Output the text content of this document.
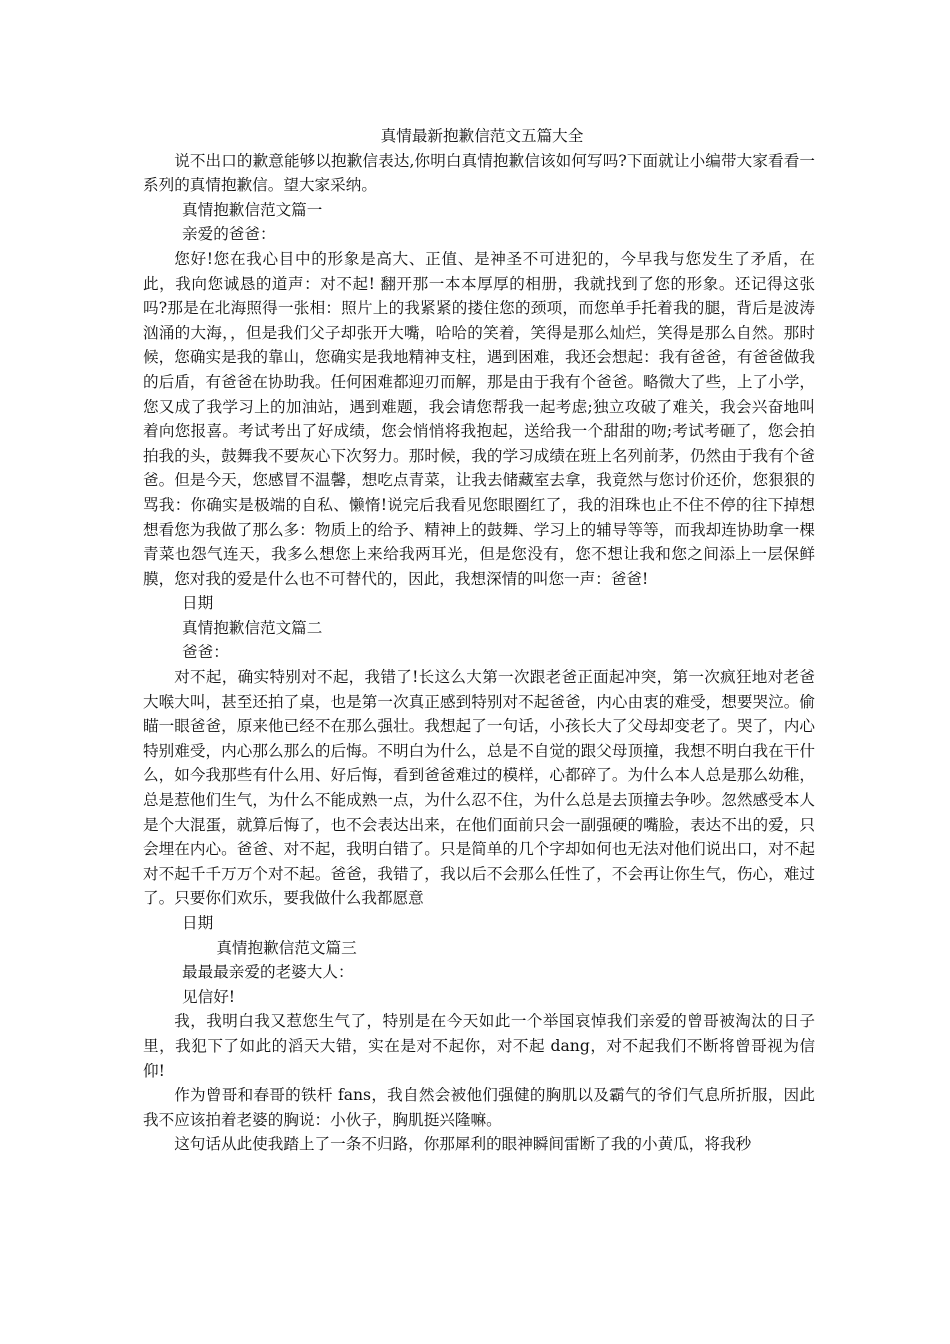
真情最新抱歉信范文五篇大全

说不出口的歉意能够以抱歉信表达,你明白真情抱歉信该如何写吗?下面就让小编带大家看看一系列的真情抱歉信。望大家采纳。

真情抱歉信范文篇一

亲爱的爸爸：

您好!您在我心目中的形象是高大、正值、是神圣不可进犯的，今早我与您发生了矛盾，在此，我向您诚恳的道声：对不起! 翻开那一本本厚厚的相册，我就找到了您的形象。还记得这张吗?那是在北海照得一张相：照片上的我紧紧的搂住您的颈项，而您单手托着我的腿，背后是波涛汹涌的大海，，但是我们父子却张开大嘴，哈哈的笑着，笑得是那么灿烂，笑得是那么自然。那时候，您确实是我的靠山，您确实是我地精神支柱，遇到困难，我还会想起：我有爸爸，有爸爸做我的后盾，有爸爸在协助我。任何困难都迎刃而解，那是由于我有个爸爸。略微大了些，上了小学，您又成了我学习上的加油站，遇到难题，我会请您帮我一起考虑;独立攻破了难关，我会兴奋地叫着向您报喜。考试考出了好成绩，您会悄悄将我抱起，送给我一个甜甜的吻;考试考砸了，您会拍拍我的头，鼓舞我不要灰心下次努力。那时候，我的学习成绩在班上名列前茅，仍然由于我有个爸爸。但是今天，您感冒不温馨，想吃点青菜，让我去储藏室去拿，我竟然与您讨价还价，您狠狠的骂我：你确实是极端的自私、懒惰!说完后我看见您眼圈红了，我的泪珠也止不住不停的往下掉想想看您为我做了那么多：物质上的给予、精神上的鼓舞、学习上的辅导等等，而我却连协助拿一棵青菜也怨气连天，我多么想您上来给我两耳光，但是您没有，您不想让我和您之间添上一层保鲜膜，您对我的爱是什么也不可替代的，因此，我想深情的叫您一声：爸爸!

日期

真情抱歉信范文篇二

爸爸：

对不起，确实特别对不起，我错了!长这么大第一次跟老爸正面起冲突，第一次疯狂地对老爸大喉大叫，甚至还拍了桌，也是第一次真正感到特别对不起爸爸，内心由衷的难受，想要哭泣。偷瞄一眼爸爸，原来他已经不在那么强壮。我想起了一句话，小孩长大了父母却变老了。哭了，内心特别难受，内心那么那么的后悔。不明白为什么，总是不自觉的跟父母顶撞，我想不明白我在干什么，如今我那些有什么用、好后悔，看到爸爸难过的模样，心都碎了。为什么本人总是那么幼稚，总是惹他们生气，为什么不能成熟一点，为什么忍不住，为什么总是去顶撞去争吵。忽然感受本人是个大混蛋，就算后悔了，也不会表达出来，在他们面前只会一副强硬的嘴脸，表达不出的爱，只会埋在内心。爸爸、对不起，我明白错了。只是简单的几个字却如何也无法对他们说出口，对不起对不起千千万万个对不起。爸爸，我错了，我以后不会那么任性了，不会再让你生气，伤心，难过了。只要你们欢乐，要我做什么我都愿意

日期

真情抱歉信范文篇三

最最最亲爱的老婆大人：

见信好!

我，我明白我又惹您生气了，特别是在今天如此一个举国哀悼我们亲爱的曾哥被淘汰的日子里，我犯下了如此的滔天大错，实在是对不起你，对不起 dang，对不起我们不断将曾哥视为信仰!

作为曾哥和春哥的铁杆 fans，我自然会被他们强健的胸肌以及霸气的爷们气息所折服，因此我不应该拍着老婆的胸说：小伙子，胸肌挺兴隆嘛。

这句话从此使我踏上了一条不归路，你那犀利的眼神瞬间雷断了我的小黄瓜，将我秒
